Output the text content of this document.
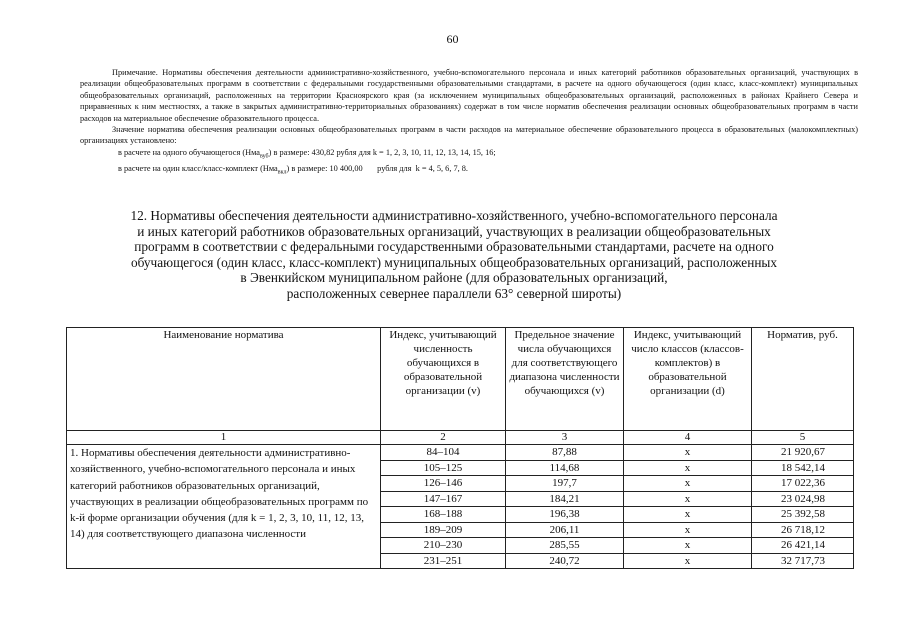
60

Примечание. Нормативы обеспечения деятельности административно-хозяйственного, учебно-вспомогательного персонала и иных категорий работников образовательных организаций, участвующих в реализации общеобразовательных программ в соответствии с федеральными государственными образовательными стандартами, в расчете на одного обучающегося (один класс, класс-комплект) муниципальных общеобразовательных организаций, расположенных на территории Красноярского края (за исключением муниципальных общеобразовательных организаций, расположенных в районах Крайнего Севера и приравненных к ним местностях, а также в закрытых административно-территориальных образованиях) содержат в том числе норматив обеспечения реализации основных общеобразовательных программ в части расходов на материальное обеспечение образовательного процесса.

Значение норматива обеспечения реализации основных общеобразовательных программ в части расходов на материальное обеспечение образовательного процесса в образовательных (малокомплектных) организациях установлено:

в расчете на одного обучающегося (Нма$_{вуб}$) в размере: 430,82 рубля для k = 1, 2, 3, 10, 11, 12, 13, 14, 15, 16;

в расчете на один класс/класс-комплект (Нма$_{вкл}$) в размере: 10 400,00       рубля для  k = 4, 5, 6, 7, 8.

12. Нормативы обеспечения деятельности административно-хозяйственного, учебно-вспомогательного персонала

и иных категорий работников образовательных организаций, участвующих в реализации общеобразовательных

программ в соответствии с федеральными государственными образовательными стандартами, расчете на одного

обучающегося (один класс, класс-комплект) муниципальных общеобразовательных организаций, расположенных

в Эвенкийском муниципальном районе (для образовательных организаций,

расположенных севернее параллели 63° северной широты)

Наименование норматива	Индекс, учитывающий численность обучающихся в образовательной организации (v)	Предельное значение числа обучающихся для соответствующего диапазона численности обучающихся (v)	Индекс, учитывающий число классов (классов-комплектов) в образовательной организации (d)	Норматив, руб.
1	2	3	4	5
1. Нормативы обеспечения деятельности административно-хозяйственного, учебно-вспомогательного персонала и иных категорий работников образовательных организаций, участвующих в реализации общеобразовательных программ по k-й форме организации обучения (для k = 1, 2, 3, 10, 11, 12, 13, 14) для соответствующего диапазона численности	84–104	87,88	x	21 920,67
	105–125	114,68	x	18 542,14
	126–146	197,7	x	17 022,36
	147–167	184,21	x	23 024,98
	168–188	196,38	x	25 392,58
	189–209	206,11	x	26 718,12
	210–230	285,55	x	26 421,14
	231–251	240,72	x	32 717,73
